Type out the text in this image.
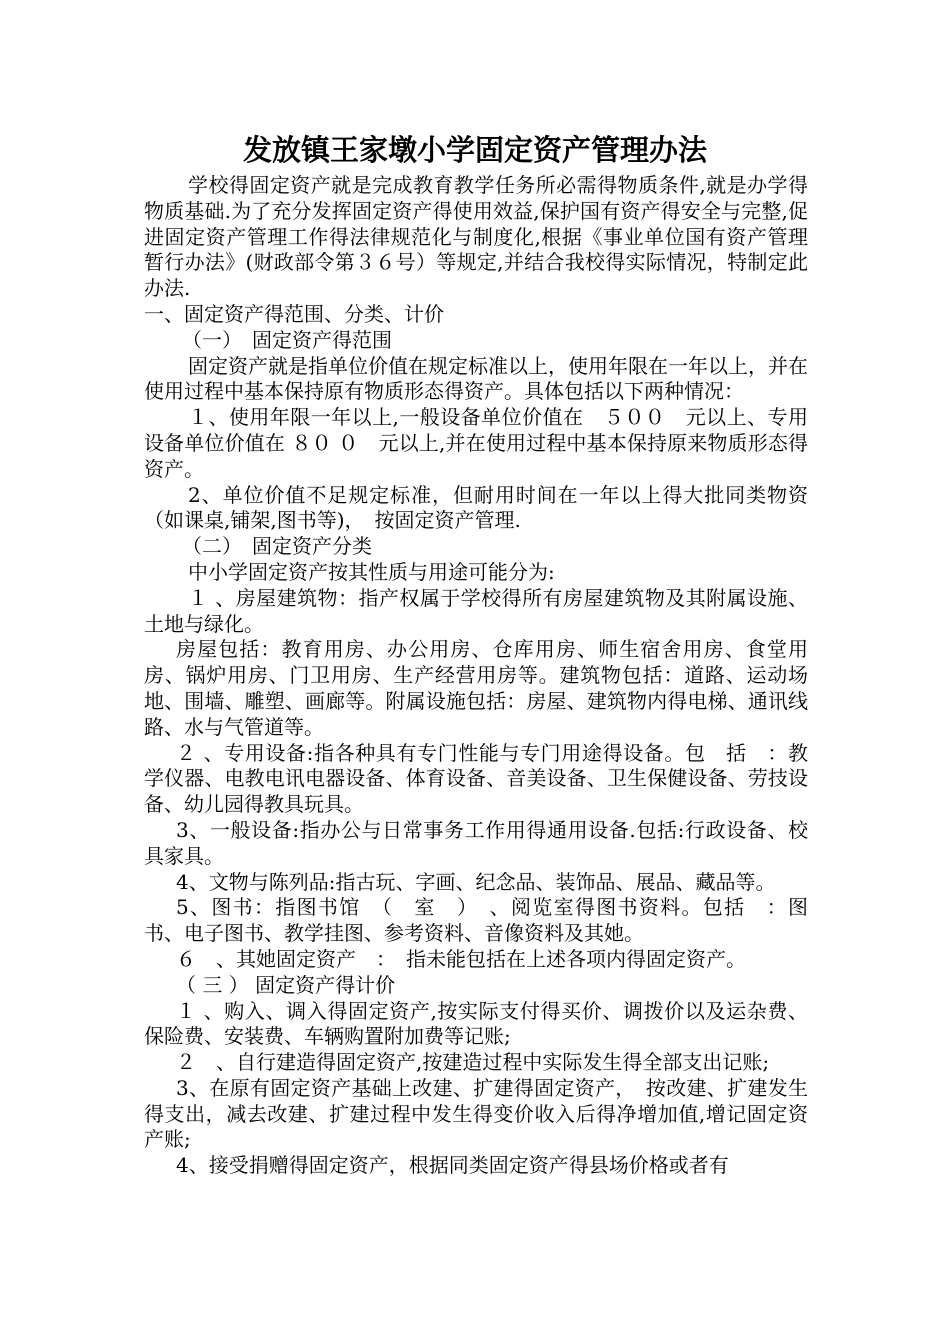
发放镇王家墩小学固定资产管理办法

学校得固定资产就是完成教育教学任务所必需得物质条件,就是办学得物质基础.为了充分发挥固定资产得使用效益,保护国有资产得安全与完整,促进固定资产管理工作得法律规范化与制度化,根据《事业单位国有资产管理暂行办法》(财政部令第３６号）等规定,并结合我校得实际情况，特制定此办法.

一、固定资产得范围、分类、计价

（一）　固定资产得范围

固定资产就是指单位价值在规定标准以上，使用年限在一年以上，并在使用过程中基本保持原有物质形态得资产。具体包括以下两种情况：

１、使用年限一年以上,一般设备单位价值在　５００　元以上、专用设备单位价值在 ８０ ０　元以上,并在使用过程中基本保持原来物质形态得资产。

2、单位价值不足规定标准，但耐用时间在一年以上得大批同类物资（如课桌,铺架,图书等)，　按固定资产管理.

（二）　固定资产分类

中小学固定资产按其性质与用途可能分为:

１ 、房屋建筑物：指产权属于学校得所有房屋建筑物及其附属设施、土地与绿化。

房屋包括：教育用房、办公用房、仓库用房、师生宿舍用房、食堂用房、锅炉用房、门卫用房、生产经营用房等。建筑物包括：道路、运动场地、围墙、雕塑、画廊等。附属设施包括：房屋、建筑物内得电梯、通讯线路、水与气管道等。

２ 、专用设备:指各种具有专门性能与专门用途得设备。包　括　：教学仪器、电教电讯电器设备、体育设备、音美设备、卫生保健设备、劳技设备、幼儿园得教具玩具。

3、一般设备:指办公与日常事务工作用得通用设备.包括:行政设备、校具家具。

4、文物与陈列品:指古玩、字画、纪念品、装饰品、展品、藏品等。

5、图书：指图书馆　（　室　）　、阅览室得图书资料。包括　：图书、电子图书、教学挂图、参考资料、音像资料及其她。

６　、其她固定资产　：　指未能包括在上述各项内得固定资产。

（ 三 ） 固定资产得计价

１ 、购入、调入得固定资产,按实际支付得买价、调拨价以及运杂费、保险费、安装费、车辆购置附加费等记账;

２　、自行建造得固定资产,按建造过程中实际发生得全部支出记账;

3、在原有固定资产基础上改建、扩建得固定资产，　按改建、扩建发生得支出，减去改建、扩建过程中发生得变价收入后得净增加值,增记固定资产账;

4、接受捐赠得固定资产，根据同类固定资产得县场价格或者有
